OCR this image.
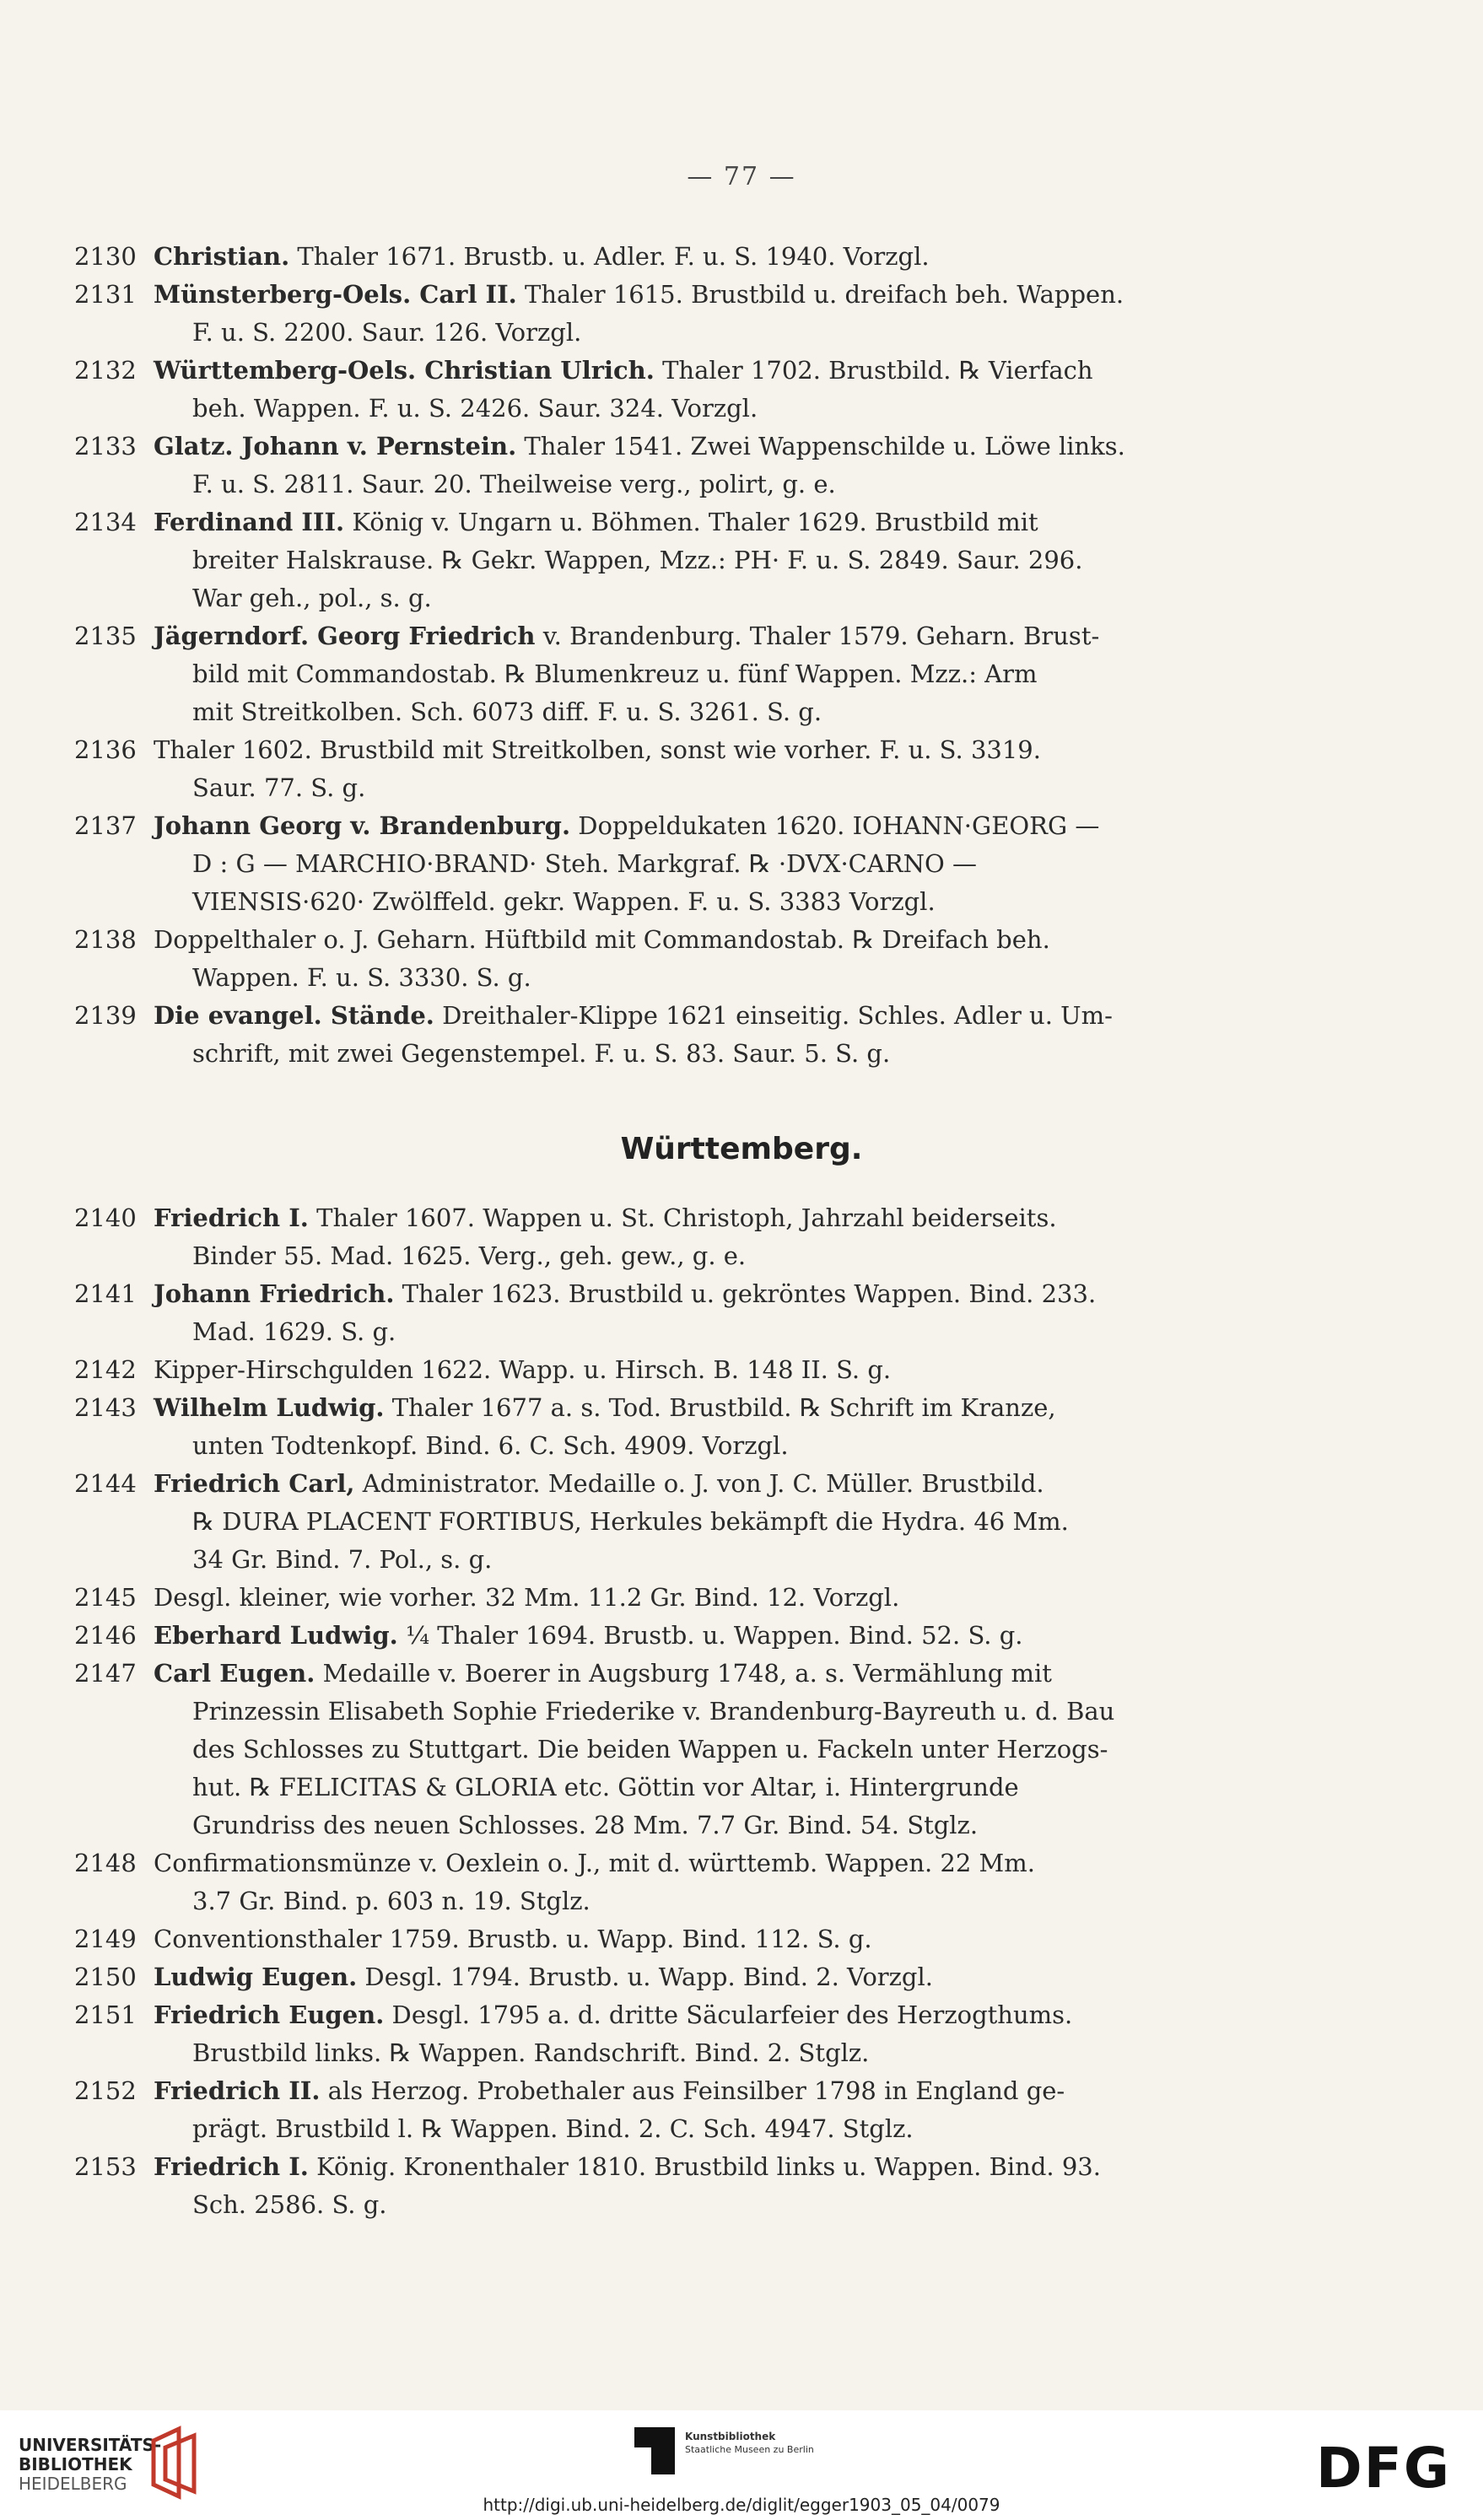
— 77 —
2130 Christian. Thaler 1671. Brustb. u. Adler. F. u. S. 1940. Vorzgl.
2131 Münsterberg-Oels. Carl II. Thaler 1615. Brustbild u. dreifach beh. Wappen.
F. u. S. 2200. Saur. 126. Vorzgl.
2132 Württemberg-Oels. Christian Ulrich. Thaler 1702. Brustbild. ℞ Vierfach
beh. Wappen. F. u. S. 2426. Saur. 324. Vorzgl.
2133 Glatz. Johann v. Pernstein. Thaler 1541. Zwei Wappenschilde u. Löwe links.
F. u. S. 2811. Saur. 20. Theilweise verg., polirt, g. e.
2134 Ferdinand III. König v. Ungarn u. Böhmen. Thaler 1629. Brustbild mit
breiter Halskrause. ℞ Gekr. Wappen, Mzz.: PH· F. u. S. 2849. Saur. 296.
War geh., pol., s. g.
2135 Jägerndorf. Georg Friedrich v. Brandenburg. Thaler 1579. Geharn. Brust-
bild mit Commandostab. ℞ Blumenkreuz u. fünf Wappen. Mzz.: Arm
mit Streitkolben. Sch. 6073 diff. F. u. S. 3261. S. g.
2136 Thaler 1602. Brustbild mit Streitkolben, sonst wie vorher. F. u. S. 3319.
Saur. 77. S. g.
2137 Johann Georg v. Brandenburg. Doppeldukaten 1620. IOHANN·GEORG —
D : G — MARCHIO·BRAND· Steh. Markgraf. ℞ ·DVX·CARNO —
VIENSIS·620· Zwölffeld. gekr. Wappen. F. u. S. 3383 Vorzgl.
2138 Doppelthaler o. J. Geharn. Hüftbild mit Commandostab. ℞ Dreifach beh.
Wappen. F. u. S. 3330. S. g.
2139 Die evangel. Stände. Dreithaler-Klippe 1621 einseitig. Schles. Adler u. Um-
schrift, mit zwei Gegenstempel. F. u. S. 83. Saur. 5. S. g.
Württemberg.
2140 Friedrich I. Thaler 1607. Wappen u. St. Christoph, Jahrzahl beiderseits.
Binder 55. Mad. 1625. Verg., geh. gew., g. e.
2141 Johann Friedrich. Thaler 1623. Brustbild u. gekröntes Wappen. Bind. 233.
Mad. 1629. S. g.
2142 Kipper-Hirschgulden 1622. Wapp. u. Hirsch. B. 148 II. S. g.
2143 Wilhelm Ludwig. Thaler 1677 a. s. Tod. Brustbild. ℞ Schrift im Kranze,
unten Todtenkopf. Bind. 6. C. Sch. 4909. Vorzgl.
2144 Friedrich Carl, Administrator. Medaille o. J. von J. C. Müller. Brustbild.
℞ DURA PLACENT FORTIBUS, Herkules bekämpft die Hydra. 46 Mm.
34 Gr. Bind. 7. Pol., s. g.
2145 Desgl. kleiner, wie vorher. 32 Mm. 11.2 Gr. Bind. 12. Vorzgl.
2146 Eberhard Ludwig. ¼ Thaler 1694. Brustb. u. Wappen. Bind. 52. S. g.
2147 Carl Eugen. Medaille v. Boerer in Augsburg 1748, a. s. Vermählung mit
Prinzessin Elisabeth Sophie Friederike v. Brandenburg-Bayreuth u. d. Bau
des Schlosses zu Stuttgart. Die beiden Wappen u. Fackeln unter Herzogs-
hut. ℞ FELICITAS & GLORIA etc. Göttin vor Altar, i. Hintergrunde
Grundriss des neuen Schlosses. 28 Mm. 7.7 Gr. Bind. 54. Stglz.
2148 Confirmationsmünze v. Oexlein o. J., mit d. württemb. Wappen. 22 Mm.
3.7 Gr. Bind. p. 603 n. 19. Stglz.
2149 Conventionsthaler 1759. Brustb. u. Wapp. Bind. 112. S. g.
2150 Ludwig Eugen. Desgl. 1794. Brustb. u. Wapp. Bind. 2. Vorzgl.
2151 Friedrich Eugen. Desgl. 1795 a. d. dritte Säcularfeier des Herzogthums.
Brustbild links. ℞ Wappen. Randschrift. Bind. 2. Stglz.
2152 Friedrich II. als Herzog. Probethaler aus Feinsilber 1798 in England ge-
prägt. Brustbild l. ℞ Wappen. Bind. 2. C. Sch. 4947. Stglz.
2153 Friedrich I. König. Kronenthaler 1810. Brustbild links u. Wappen. Bind. 93.
Sch. 2586. S. g.
UNIVERSITÄTS-
BIBLIOTHEK
HEIDELBERG
Kunstbibliothek
Staatliche Museen zu Berlin	DFG
http://digi.ub.uni-heidelberg.de/diglit/egger1903_05_04/0079
